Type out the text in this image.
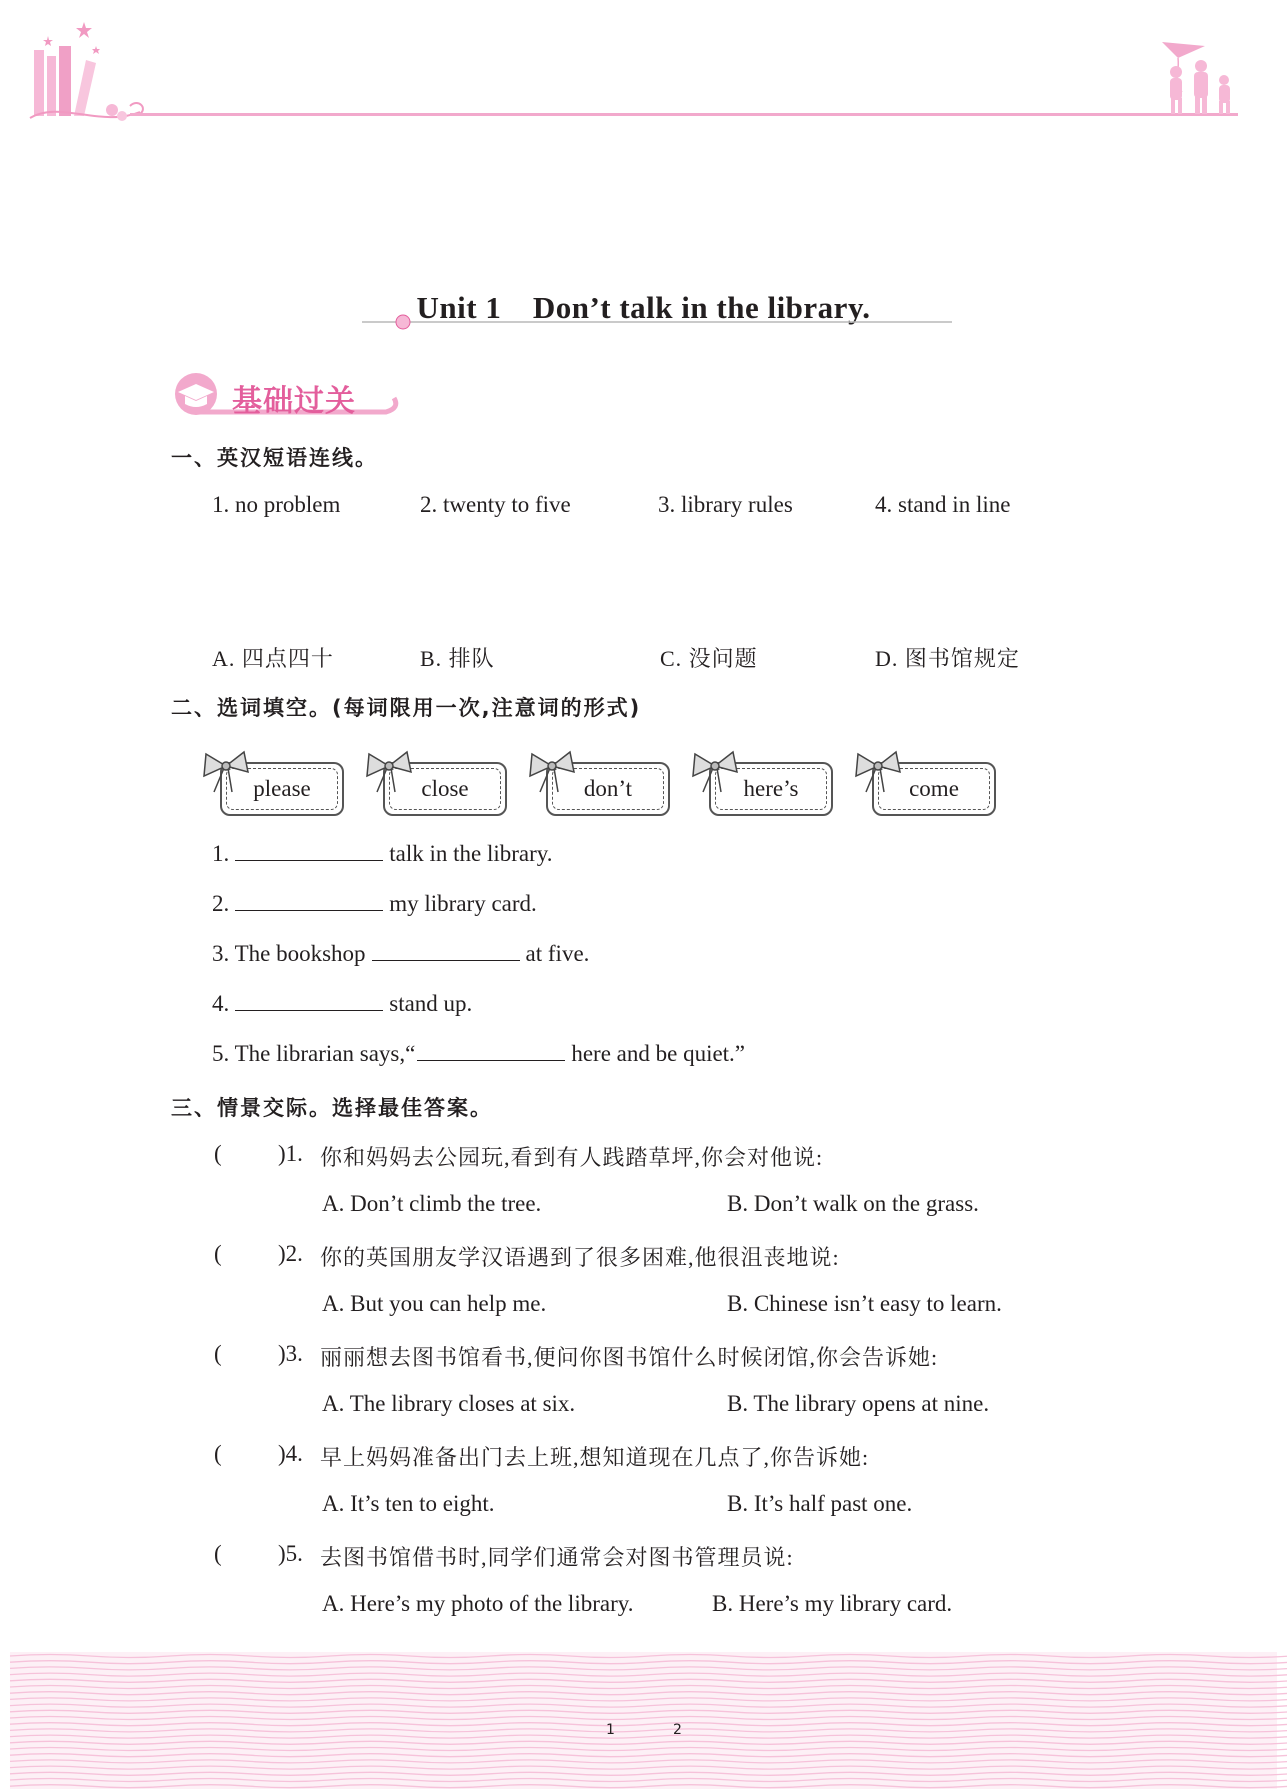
Unit 1　Don’t talk in the library.
基础过关
一、英汉短语连线。
1. no problem	2. twenty to five	3. library rules	4. stand in line
A. 四点四十	B. 排队	C. 没问题	D. 图书馆规定
二、选词填空。(每词限用一次,注意词的形式)
please	close	don’t	here’s	come
1.	talk in the library.
2.	my library card.
3. The bookshop	at five.
4.	stand up.
5. The librarian says,“	here and be quiet.”
三、情景交际。选择最佳答案。
( )1. 你和妈妈去公园玩,看到有人践踏草坪,你会对他说:
A. Don’t climb the tree.	B. Don’t walk on the grass.
( )2. 你的英国朋友学汉语遇到了很多困难,他很沮丧地说:
A. But you can help me.	B. Chinese isn’t easy to learn.
( )3. 丽丽想去图书馆看书,便问你图书馆什么时候闭馆,你会告诉她:
A. The library closes at six.	B. The library opens at nine.
( )4. 早上妈妈准备出门去上班,想知道现在几点了,你告诉她:
A. It’s ten to eight.	B. It’s half past one.
( )5. 去图书馆借书时,同学们通常会对图书管理员说:
A. Here’s my photo of the library.	B. Here’s my library card.
1	2
